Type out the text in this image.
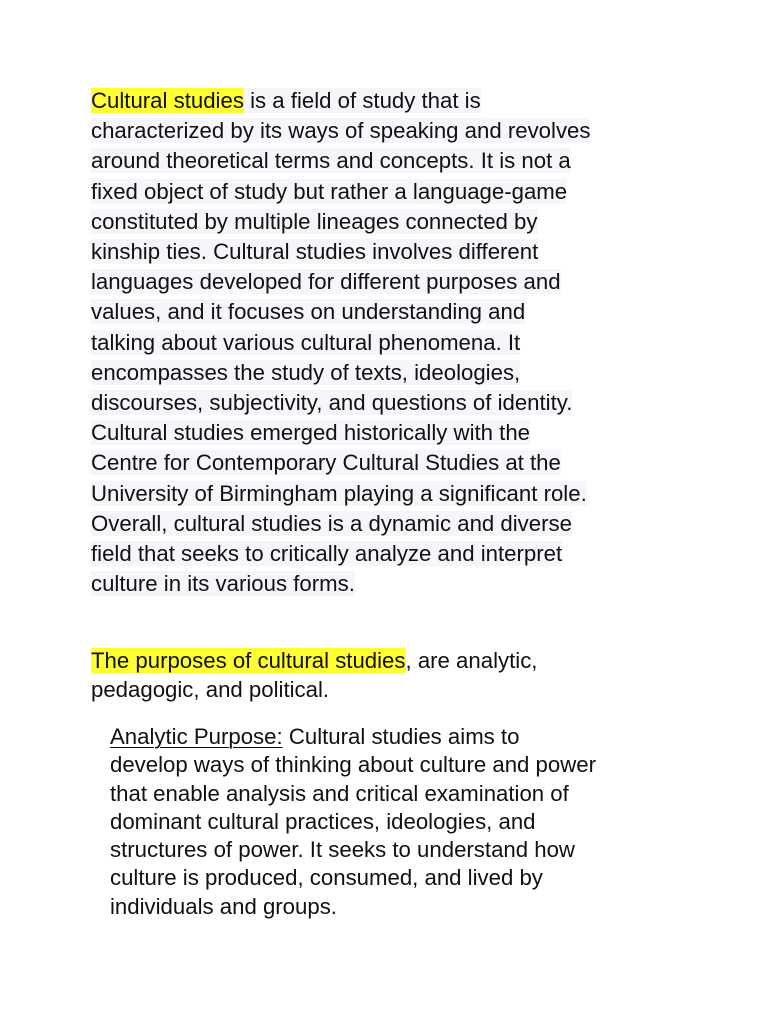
Cultural studies is a field of study that is
characterized by its ways of speaking and revolves
around theoretical terms and concepts. It is not a
fixed object of study but rather a language-game
constituted by multiple lineages connected by
kinship ties. Cultural studies involves different
languages developed for different purposes and
values, and it focuses on understanding and
talking about various cultural phenomena. It
encompasses the study of texts, ideologies,
discourses, subjectivity, and questions of identity.
Cultural studies emerged historically with the
Centre for Contemporary Cultural Studies at the
University of Birmingham playing a significant role.
Overall, cultural studies is a dynamic and diverse
field that seeks to critically analyze and interpret
culture in its various forms.

The purposes of cultural studies, are analytic,
pedagogic, and political.

Analytic Purpose: Cultural studies aims to
develop ways of thinking about culture and power
that enable analysis and critical examination of
dominant cultural practices, ideologies, and
structures of power. It seeks to understand how
culture is produced, consumed, and lived by
individuals and groups.
